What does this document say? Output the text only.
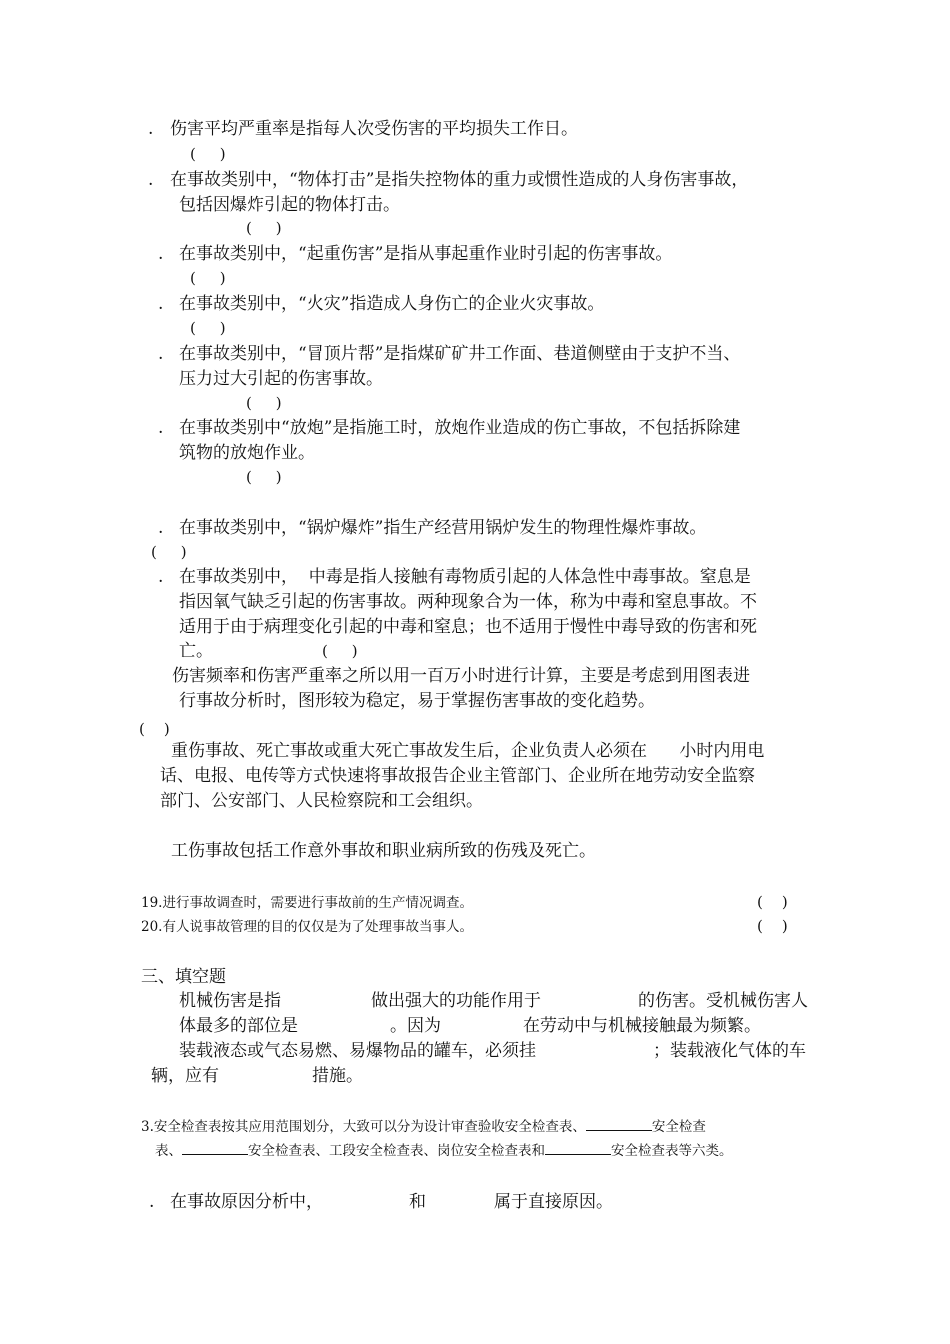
. 伤害平均严重率是指每人次受伤害的平均损失工作日。
(     )
. 在事故类别中，“物体打击”是指失控物体的重力或惯性造成的人身伤害事故，
包括因爆炸引起的物体打击。
(     )
. 在事故类别中，“起重伤害”是指从事起重作业时引起的伤害事故。
(     )
. 在事故类别中，“火灾”指造成人身伤亡的企业火灾事故。
(     )
. 在事故类别中，“冒顶片帮”是指煤矿矿井工作面、巷道侧壁由于支护不当、
压力过大引起的伤害事故。
(     )
. 在事故类别中“放炮”是指施工时，放炮作业造成的伤亡事故，不包括拆除建
筑物的放炮作业。
(     )
. 在事故类别中，“锅炉爆炸”指生产经营用锅炉发生的物理性爆炸事故。
(     )
. 在事故类别中，  中毒是指人接触有毒物质引起的人体急性中毒事故。窒息是
指因氧气缺乏引起的伤害事故。两种现象合为一体，称为中毒和窒息事故。不
适用于由于病理变化引起的中毒和窒息；也不适用于慢性中毒导致的伤害和死
亡。	(     )
伤害频率和伤害严重率之所以用一百万小时进行计算，主要是考虑到用图表进
行事故分析时，图形较为稳定，易于掌握伤害事故的变化趋势。
(    )
重伤事故、死亡事故或重大死亡事故发生后，企业负责人必须在      小时内用电
话、电报、电传等方式快速将事故报告企业主管部门、企业所在地劳动安全监察
部门、公安部门、人民检察院和工会组织。
工伤事故包括工作意外事故和职业病所致的伤残及死亡。
19.进行事故调查时，需要进行事故前的生产情况调查。	(    )
20.有人说事故管理的目的仅仅是为了处理事故当事人。	(    )
三、填空题
机械伤害是指	做出强大的功能作用于	的伤害。受机械伤害人
体最多的部位是	。因为	在劳动中与机械接触最为频繁。
装载液态或气态易燃、易爆物品的罐车，必须挂	；装载液化气体的车
辆，应有	措施。
3.安全检查表按其应用范围划分，大致可以分为设计审查验收安全检查表、	安全检查
表、	安全检查表、工段安全检查表、岗位安全检查表和	安全检查表等六类。
. 在事故原因分析中，	和	属于直接原因。
